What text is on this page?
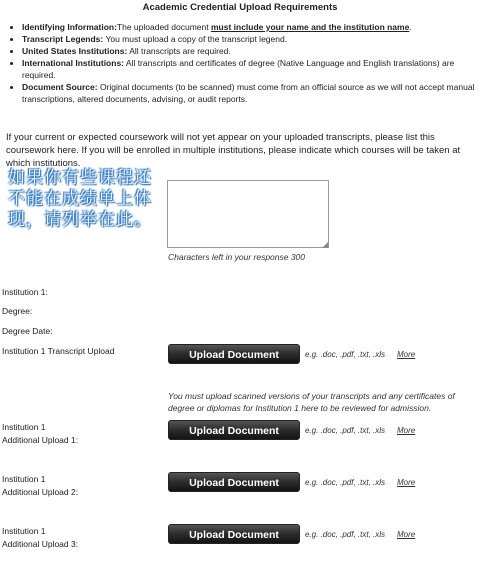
Academic Credential Upload Requirements
• Identifying Information:The uploaded document must include your name and the institution name.
• Transcript Legends: You must upload a copy of the transcript legend.
• United States Institutions: All transcripts are required.
• International Institutions: All transcripts and certificates of degree (Native Language and English translations) are required.
• Document Source: Original documents (to be scanned) must come from an official source as we will not accept manual transcriptions, altered documents, advising, or audit reports.
If your current or expected coursework will not yet appear on your uploaded transcripts, please list this coursework here. If you will be enrolled in multiple institutions, please indicate which courses will be taken at which institutions.
如果你有些课程还不能在成绩单上体现，请列举在此。
◢
Characters left in your response 300
Institution 1:
Degree:
Degree Date:
Institution 1 Transcript Upload	Upload Document	e.g. .doc, .pdf, .txt, .xls More
You must upload scanned versions of your transcripts and any certificates of degree or diplomas for Institution 1 here to be reviewed for admission.
Institution 1
Additional Upload 1:
Upload Document	e.g. .doc, .pdf, .txt, .xls More
Institution 1
Additional Upload 2:
Upload Document	e.g. .doc, .pdf, .txt, .xls More
Institution 1
Additional Upload 3:
Upload Document	e.g. .doc, .pdf, .txt, .xls More
